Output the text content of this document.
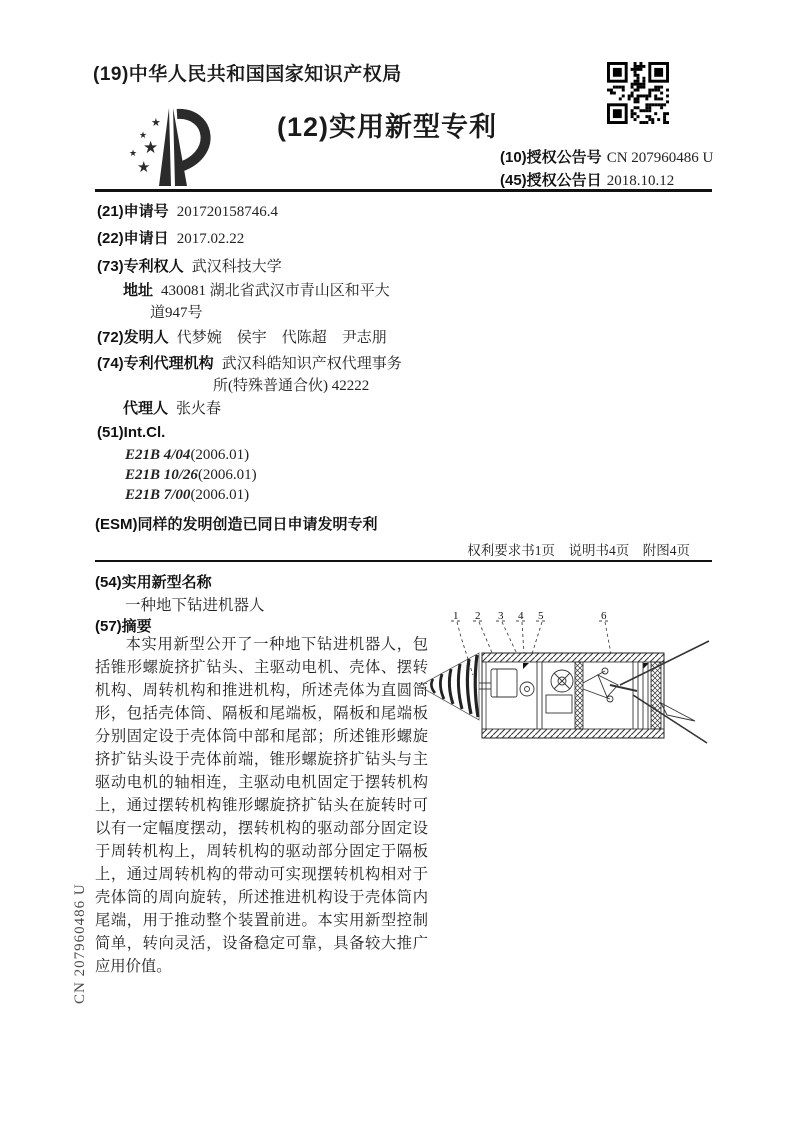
(19)中华人民共和国国家知识产权局
★
★
★
★
★
(12)实用新型专利
(10)授权公告号 CN 207960486 U
(45)授权公告日 2018.10.12
(21)申请号 201720158746.4
(22)申请日 2017.02.22
(73)专利权人 武汉科技大学
地址 430081 湖北省武汉市青山区和平大
道947号
(72)发明人 代梦婉　侯宇　代陈超　尹志朋
(74)专利代理机构 武汉科皓知识产权代理事务
所(特殊普通合伙) 42222
代理人 张火春
(51)Int.Cl.
E21B 4/04(2006.01)
E21B 10/26(2006.01)
E21B 7/00(2006.01)
(ESM)同样的发明创造已同日申请发明专利
权利要求书1页　说明书4页　附图4页
(54)实用新型名称
一种地下钻进机器人
(57)摘要
本实用新型公开了一种地下钻进机器人，包括锥形螺旋挤扩钻头、主驱动电机、壳体、摆转机构、周转机构和推进机构，所述壳体为直圆筒形，包括壳体筒、隔板和尾端板，隔板和尾端板分别固定设于壳体筒中部和尾部；所述锥形螺旋挤扩钻头设于壳体前端，锥形螺旋挤扩钻头与主驱动电机的轴相连，主驱动电机固定于摆转机构上，通过摆转机构锥形螺旋挤扩钻头在旋转时可以有一定幅度摆动，摆转机构的驱动部分固定设于周转机构上，周转机构的驱动部分固定于隔板上，通过周转机构的带动可实现摆转机构相对于壳体筒的周向旋转，所述推进机构设于壳体筒内尾端，用于推动整个装置前进。本实用新型控制简单，转向灵活，设备稳定可靠，具备较大推广应用价值。
1 2 3 4 5	6
CN 207960486 U
